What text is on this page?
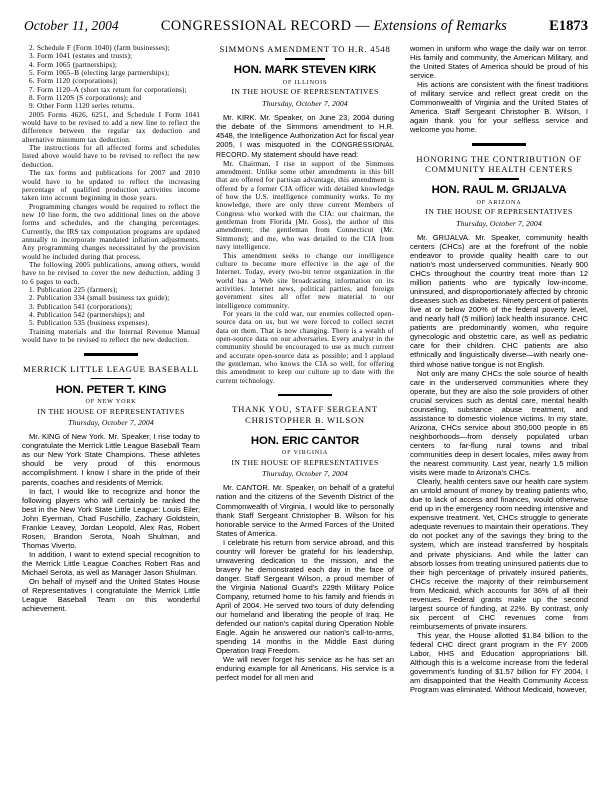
October 11, 2004	CONGRESSIONAL RECORD — Extensions of Remarks	E1873

2. Schedule F (Form 1040) (farm businesses);

3. Form 1041 (estates and trusts);

4. Form 1065 (partnerships);

5. Form 1065–B (electing large partnerships);

6. Form 1120 (corporations);

7. Form 1120–A (short tax return for corporations);

8. Form 1120S (S corporations); and

9. Other Form 1120 series returns.

2005 Forms 4626, 6251, and Schedule I Form 1041 would have to be revised to add a new line to reflect the difference between the regular tax deduction and alternative minimum tax deduction.

The instructions for all affected forms and schedules listed above would have to be revised to reflect the new deduction.

The tax forms and publications for 2007 and 2010 would have to be updated to reflect the increasing percentage of qualified production activities income taken into account beginning in those years.

Programming changes would be required to reflect the new 10 line form, the two additional lines on the above forms and schedules, and the changing percentages. Currently, the IRS tax computation programs are updated annually to incorporate mandated inflation adjustments. Any programming changes necessitated by the provision would be included during that process.

The following 2005 publications, among others, would have to be revised to cover the new deduction, adding 3 to 6 pages to each.

1. Publication 225 (farmers);

2. Publication 334 (small business tax guide);

3. Publication 541 (corporations);

4. Publication 542 (partnerships); and

5. Publication 535 (business expenses).

Training materials and the Internal Revenue Manual would have to be revised to reflect the new deduction.

MERRICK LITTLE LEAGUE BASEBALL

HON. PETER T. KING

OF NEW YORK

IN THE HOUSE OF REPRESENTATIVES

Thursday, October 7, 2004

Mr. KING of New York. Mr. Speaker, I rise today to congratulate the Merrick Little League Baseball Team as our New York State Champions. These athletes should be very proud of this enormous accomplishment. I know I share in the pride of their parents, coaches and residents of Merrick.

In fact, I would like to recognize and honor the following players who will certainly be ranked the best in the New York State Little League: Louis Eiler, John Eyerman, Chad Fuschillo, Zachary Goldstein, Frankie Leavey, Jordan Leopold, Alex Ras, Robert Rosen, Brandon Serota, Noah Shulman, and Thomas Viverto.

In addition, I want to extend special recognition to the Merrick Little League Coaches Robert Ras and Michael Serota, as well as Manager Jason Shulman.

On behalf of myself and the United States House of Representatives I congratulate the Merrick Little League Baseball Team on this wonderful achievement.

SIMMONS AMENDMENT TO H.R. 4548

HON. MARK STEVEN KIRK

OF ILLINOIS

IN THE HOUSE OF REPRESENTATIVES

Thursday, October 7, 2004

Mr. KIRK. Mr. Speaker, on June 23, 2004 during the debate of the Simmons amendment to H.R. 4548, the Intelligence Authorization Act for fiscal year 2005, I was misquoted in the CONGRESSIONAL RECORD. My statement should have read:

Mr. Chairman, I rise in support of the Simmons amendment. Unlike some other amendments in this bill that are offered for partisan advantage, this amendment is offered by a former CIA officer with detailed knowledge of how the U.S. intelligence community works. To my knowledge, there are only three current Members of Congress who worked with the CIA: our chairman, the gentleman from Florida (Mr. Goss), the author of this amendment; the gentleman from Connecticut (Mr. Simmons); and me, who was detailed to the CIA from navy intelligence.

This amendment seeks to change our intelligence culture to become more effective in the age of the Internet. Today, every two-bit terror organization in the world has a Web site broadcasting information on its activities. Internet news, political parties, and foreign government sites all offer new material to our intelligence community.

For years in the cold war, our enemies collected open-source data on us, but we were forced to collect secret data on them. That is now changing. There is a wealth of open-source data on our adversaries. Every analyst in the community should be encouraged to use as much current and accurate open-source data as possible; and I applaud the gentleman, who knows the CIA so well, for offering this amendment to keep our culture up to date with the current technology.

THANK YOU, STAFF SERGEANT CHRISTOPHER B. WILSON

HON. ERIC CANTOR

OF VIRGINIA

IN THE HOUSE OF REPRESENTATIVES

Thursday, October 7, 2004

Mr. CANTOR. Mr. Speaker, on behalf of a grateful nation and the citizens of the Seventh District of the Commonwealth of Virginia, I would like to personally thank Staff Sergeant Christopher B. Wilson for his honorable service to the Armed Forces of the United States of America.

I celebrate his return from service abroad, and this country will forever be grateful for his leadership, unwavering dedication to the mission, and the bravery he demonstrated each day in the face of danger. Staff Sergeant Wilson, a proud member of the Virginia National Guard's 229th Military Police Company, returned home to his family and friends in April of 2004. He served two tours of duty defending our homeland and liberating the people of Iraq. He defended our nation's capital during Operation Noble Eagle. Again he answered our nation's call-to-arms, spending 14 months in the Middle East during Operation Iraqi Freedom.

We will never forget his service as he has set an enduring example for all Americans. His service is a perfect model for all men and

women in uniform who wage the daily war on terror. His family and community, the American Military, and the United States of America should be proud of his service.

His actions are consistent with the finest traditions of military service and reflect great credit on the Commonwealth of Virginia and the United States of America. Staff Sergeant Christopher B. Wilson, I again thank you for your selfless service and welcome you home.

HONORING THE CONTRIBUTION OF COMMUNITY HEALTH CENTERS

HON. RAUL M. GRIJALVA

OF ARIZONA

IN THE HOUSE OF REPRESENTATIVES

Thursday, October 7, 2004

Mr. GRIJALVA. Mr. Speaker, community health centers (CHCs) are at the forefront of the noble endeavor to provide quality health care to our nation's most underserved communities. Nearly 900 CHCs throughout the country treat more than 12 million patients who are typically low-income, uninsured, and disproportionately affected by chronic diseases such as diabetes. Ninety percent of patients live at or below 200% of the federal poverty level, and nearly half (5 million) lack health insurance. CHC patients are predominantly women, who require gynecologic and obstetric care, as well as pediatric care for their children. CHC patients are also ethnically and linguistically diverse—with nearly one-third whose native tongue is not English.

Not only are many CHCs the sole source of health care in the underserved communities where they operate, but they are also the sole providers of other crucial services such as dental care, mental health counseling, substance abuse treatment, and assistance to domestic violence victims. In my state, Arizona, CHCs service about 350,000 people in 85 neighborhoods—from densely populated urban centers to far-flung rural towns and tribal communities deep in desert locales, miles away from the nearest community. Last year, nearly 1.5 million visits were made to Arizona's CHCs.

Clearly, health centers save our health care system an untold amount of money by treating patients who, due to lack of access and finances, would otherwise end up in the emergency room needing intensive and expensive treatment. Yet, CHCs struggle to generate adequate revenues to maintain their operations. They do not pocket any of the savings they bring to the system, which are instead transferred by hospitals and private physicians. And while the latter can absorb losses from treating uninsured patients due to their high percentage of privately insured patients, CHCs receive the majority of their reimbursement from Medicaid, which accounts for 36% of all their revenues. Federal grants make up the second largest source of funding, at 22%. By contrast, only six percent of CHC revenues come from reimbursements of private insurers.

This year, the House allotted $1.84 billion to the federal CHC direct grant program in the FY 2005 Labor, HHS and Education appropriations bill. Although this is a welcome increase from the federal government's funding of $1.57 billion for FY 2004, I am disappointed that the Health Community Access Program was eliminated. Without Medicaid, however,
